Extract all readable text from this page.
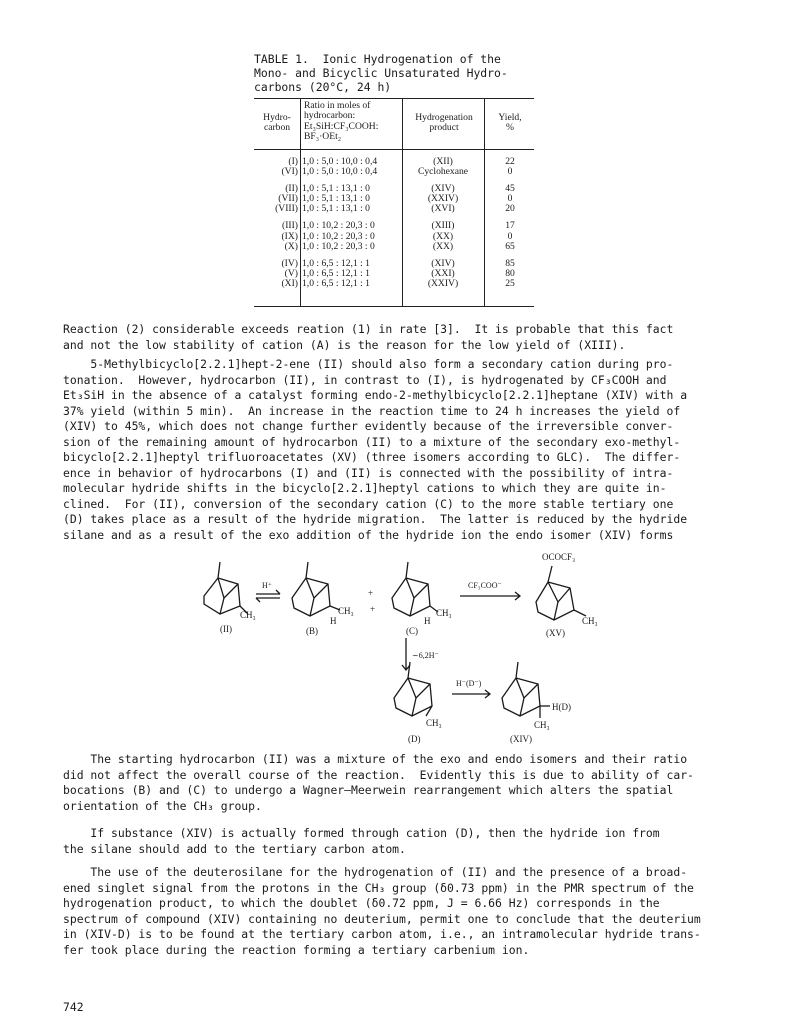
TABLE 1.  Ionic Hydrogenation of the
Mono- and Bicyclic Unsaturated Hydro-
carbons (20°C, 24 h)
Hydro-
carbon
Ratio in moles of
hydrocarbon:
Et₃SiH:CF₃COOH:
BF₃·OEt₂
Hydrogenation
product
Yield,
%
(I)
(VI)
(II)
(VII)
(VIII)
(III)
(IX)
(X)
(IV)
(V)
(XI)
1,0 : 5,0 : 10,0 : 0,4
1,0 : 5,0 : 10,0 : 0,4
1,0 : 5,1 : 13,1 : 0
1,0 : 5,1 : 13,1 : 0
1,0 : 5,1 : 13,1 : 0
1,0 : 10,2 : 20,3 : 0
1,0 : 10,2 : 20,3 : 0
1,0 : 10,2 : 20,3 : 0
1,0 : 6,5 : 12,1 : 1
1,0 : 6,5 : 12,1 : 1
1,0 : 6,5 : 12,1 : 1
(XII)
Cyclohexane
(XIV)
(XXIV)
(XVI)
(XIII)
(XX)
(XX)
(XIV)
(XXI)
(XXIV)
22
0
45
0
20
17
0
65
85
80
25

Reaction (2) considerable exceeds reation (1) in rate [3].  It is probable that this fact
and not the low stability of cation (A) is the reason for the low yield of (XIII).

5-Methylbicyclo[2.2.1]hept-2-ene (II) should also form a secondary cation during pro-
tonation.  However, hydrocarbon (II), in contrast to (I), is hydrogenated by CF₃COOH and
Et₃SiH in the absence of a catalyst forming endo-2-methylbicyclo[2.2.1]heptane (XIV) with a
37% yield (within 5 min).  An increase in the reaction time to 24 h increases the yield of
(XIV) to 45%, which does not change further evidently because of the irreversible conver-
sion of the remaining amount of hydrocarbon (II) to a mixture of the secondary exo-methyl-
bicyclo[2.2.1]heptyl trifluoroacetates (XV) (three isomers according to GLC).  The differ-
ence in behavior of hydrocarbons (I) and (II) is connected with the possibility of intra-
molecular hydride shifts in the bicyclo[2.2.1]heptyl cations to which they are quite in-
clined.  For (II), conversion of the secondary cation (C) to the more stable tertiary one
(D) takes place as a result of the hydride migration.  The latter is reduced by the hydride
silane and as a result of the exo addition of the hydride ion the endo isomer (XIV) forms

CH₃
(II)
H⁺
CH₃
H
(B)
+
+	CH₃
H
(C)
CF₃COO⁻
OCOCF₃
CH₃
(XV)
∼6,2H⁻
CH₃
(D)
H⁻(D⁻)
H(D)
CH₃
(XIV)

The starting hydrocarbon (II) was a mixture of the exo and endo isomers and their ratio
did not affect the overall course of the reaction.  Evidently this is due to ability of car-
bocations (B) and (C) to undergo a Wagner–Meerwein rearrangement which alters the spatial
orientation of the CH₃ group.

If substance (XIV) is actually formed through cation (D), then the hydride ion from
the silane should add to the tertiary carbon atom.

The use of the deuterosilane for the hydrogenation of (II) and the presence of a broad-
ened singlet signal from the protons in the CH₃ group (δ0.73 ppm) in the PMR spectrum of the
hydrogenation product, to which the doublet (δ0.72 ppm, J = 6.66 Hz) corresponds in the
spectrum of compound (XIV) containing no deuterium, permit one to conclude that the deuterium
in (XIV-D) is to be found at the tertiary carbon atom, i.e., an intramolecular hydride trans-
fer took place during the reaction forming a tertiary carbenium ion.

742
